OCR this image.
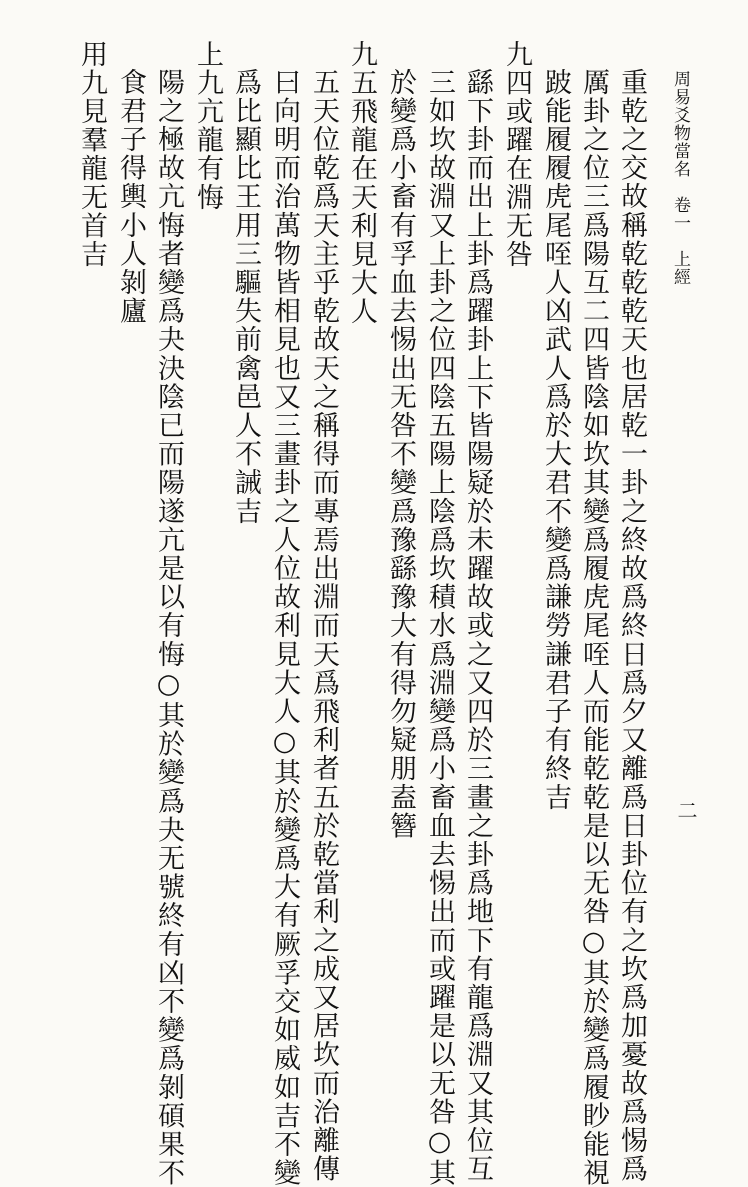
周易爻物當名卷一上經
重乾之交故稱乾乾乾天也居乾一卦之終故爲終日爲夕又離爲日卦位有之坎爲加憂故爲惕爲
厲卦之位三爲陽互二四皆陰如坎其變爲履虎尾咥人而能乾乾是以无咎○其於變爲履眇能視
跛能履履虎尾咥人凶武人爲於大君不變爲謙勞謙君子有終吉
九四或躍在淵无咎
繇下卦而出上卦爲躍卦上下皆陽疑於未躍故或之又四於三畫之卦爲地下有龍爲淵又其位互
三如坎故淵又上卦之位四陰五陽上陰爲坎積水爲淵變爲小畜血去惕出而或躍是以无咎○其
於變爲小畜有孚血去惕出无咎不變爲豫繇豫大有得勿疑朋盍簪
九五飛龍在天利見大人
五天位乾爲天主乎乾故天之稱得而專焉出淵而天爲飛利者五於乾當利之成又居坎而治離傳
曰向明而治萬物皆相見也又三畫卦之人位故利見大人○其於變爲大有厥孚交如威如吉不變
爲比顯比王用三驅失前禽邑人不誡吉
上九亢龍有悔
陽之極故亢悔者變爲夬決陰已而陽遂亢是以有悔○其於變爲夬无號終有凶不變爲剝碩果不
食君子得輿小人剝廬
用九見羣龍无首吉
二
